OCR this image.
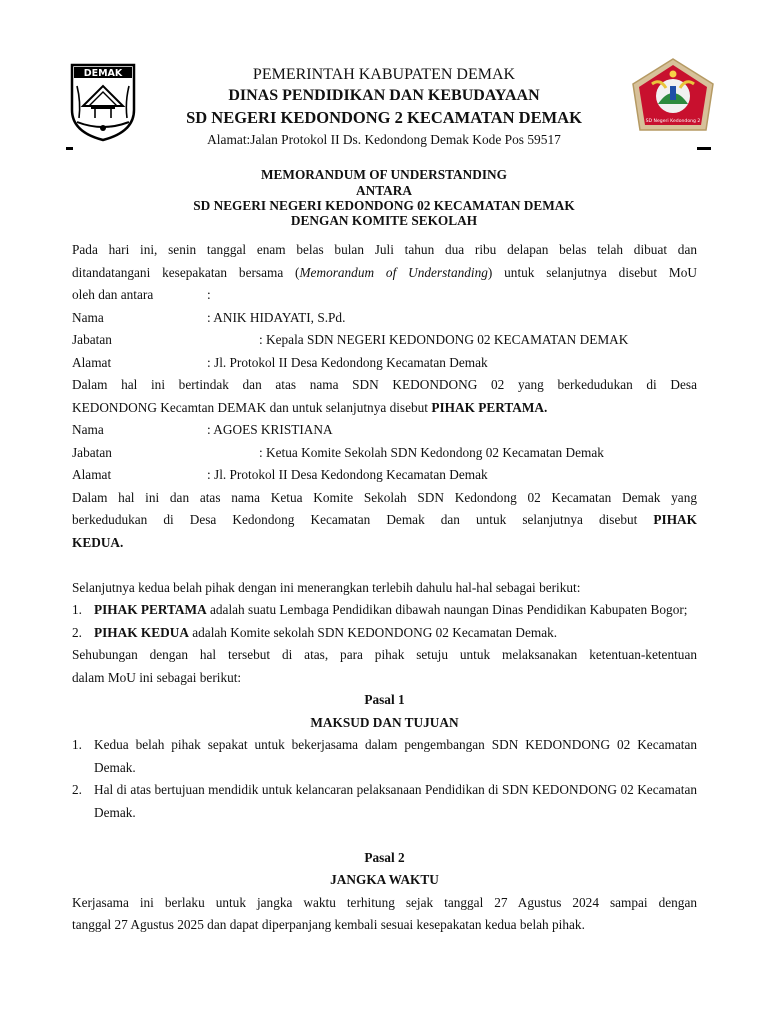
DEMAK
SD Negeri Kedondong 2
PEMERINTAH KABUPATEN DEMAK
DINAS PENDIDIKAN DAN KEBUDAYAAN
SD NEGERI KEDONDONG 2 KECAMATAN DEMAK
Alamat:Jalan Protokol II Ds. Kedondong Demak Kode Pos 59517
MEMORANDUM OF UNDERSTANDING
ANTARA
SD NEGERI NEGERI KEDONDONG 02 KECAMATAN DEMAK
DENGAN KOMITE SEKOLAH

Pada hari ini, senin tanggal enam belas bulan Juli tahun dua ribu delapan belas telah dibuat dan

ditandatangani kesepakatan bersama (Memorandum of Understanding) untuk selanjutnya disebut MoU

oleh dan antara	:
Nama	: ANIK HIDAYATI, S.Pd.
Jabatan	: Kepala SDN NEGERI KEDONDONG 02 KECAMATAN DEMAK
Alamat	: Jl. Protokol II Desa Kedondong Kecamatan Demak

Dalam hal ini bertindak dan atas nama SDN KEDONDONG 02 yang berkedudukan di Desa

KEDONDONG Kecamtan DEMAK dan untuk selanjutnya disebut PIHAK PERTAMA.

Nama	: AGOES KRISTIANA
Jabatan	: Ketua Komite Sekolah SDN Kedondong 02 Kecamatan Demak
Alamat	: Jl. Protokol II Desa Kedondong Kecamatan Demak

Dalam hal ini dan atas nama Ketua Komite Sekolah SDN Kedondong 02 Kecamatan Demak yang

berkedudukan di Desa Kedondong Kecamatan Demak dan untuk selanjutnya disebut PIHAK

KEDUA.

Selanjutnya kedua belah pihak dengan ini menerangkan terlebih dahulu hal-hal sebagai berikut:

1. PIHAK PERTAMA adalah suatu Lembaga Pendidikan dibawah naungan Dinas Pendidikan Kabupaten Bogor;
2. PIHAK KEDUA adalah Komite sekolah SDN KEDONDONG 02 Kecamatan Demak.

Sehubungan dengan hal tersebut di atas, para pihak setuju untuk melaksanakan ketentuan-ketentuan

dalam MoU ini sebagai berikut:

Pasal 1

MAKSUD DAN TUJUAN

1. Kedua belah pihak sepakat untuk bekerjasama dalam pengembangan SDN KEDONDONG 02 Kecamatan Demak.
2. Hal di atas bertujuan mendidik untuk kelancaran pelaksanaan Pendidikan di SDN KEDONDONG 02 Kecamatan Demak.

Pasal 2

JANGKA WAKTU

Kerjasama ini berlaku untuk jangka waktu terhitung sejak tanggal 27 Agustus 2024 sampai dengan

tanggal 27 Agustus 2025 dan dapat diperpanjang kembali sesuai kesepakatan kedua belah pihak.
